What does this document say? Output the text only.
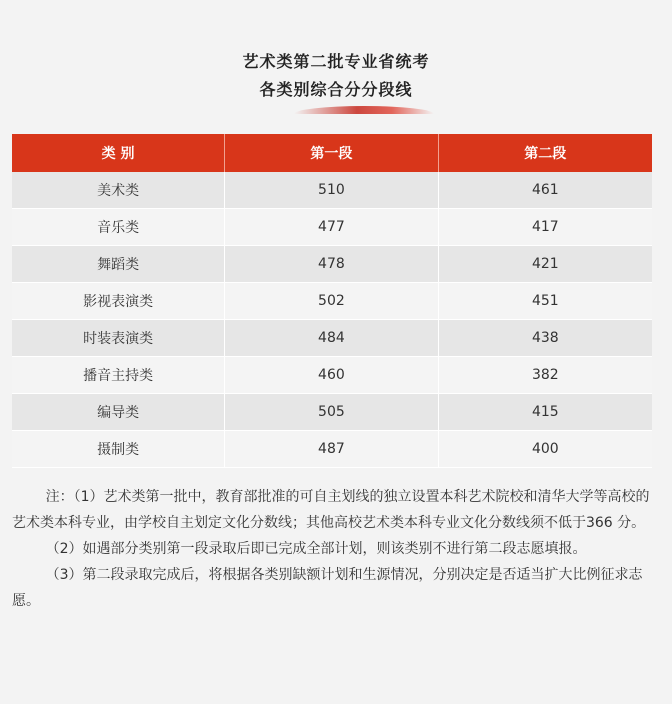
艺术类第二批专业省统考
各类别综合分分段线
类 别	第一段	第二段
美术类	510	461
音乐类	477	417
舞蹈类	478	421
影视表演类	502	451
时装表演类	484	438
播音主持类	460	382
编导类	505	415
摄制类	487	400

注：（1）艺术类第一批中，教育部批准的可自主划线的独立设置本科艺术院校和清华大学等高校的艺术类本科专业，由学校自主划定文化分数线；其他高校艺术类本科专业文化分数线须不低于366 分。

（2）如遇部分类别第一段录取后即已完成全部计划，则该类别不进行第二段志愿填报。

（3）第二段录取完成后，将根据各类别缺额计划和生源情况，分别决定是否适当扩大比例征求志愿。
